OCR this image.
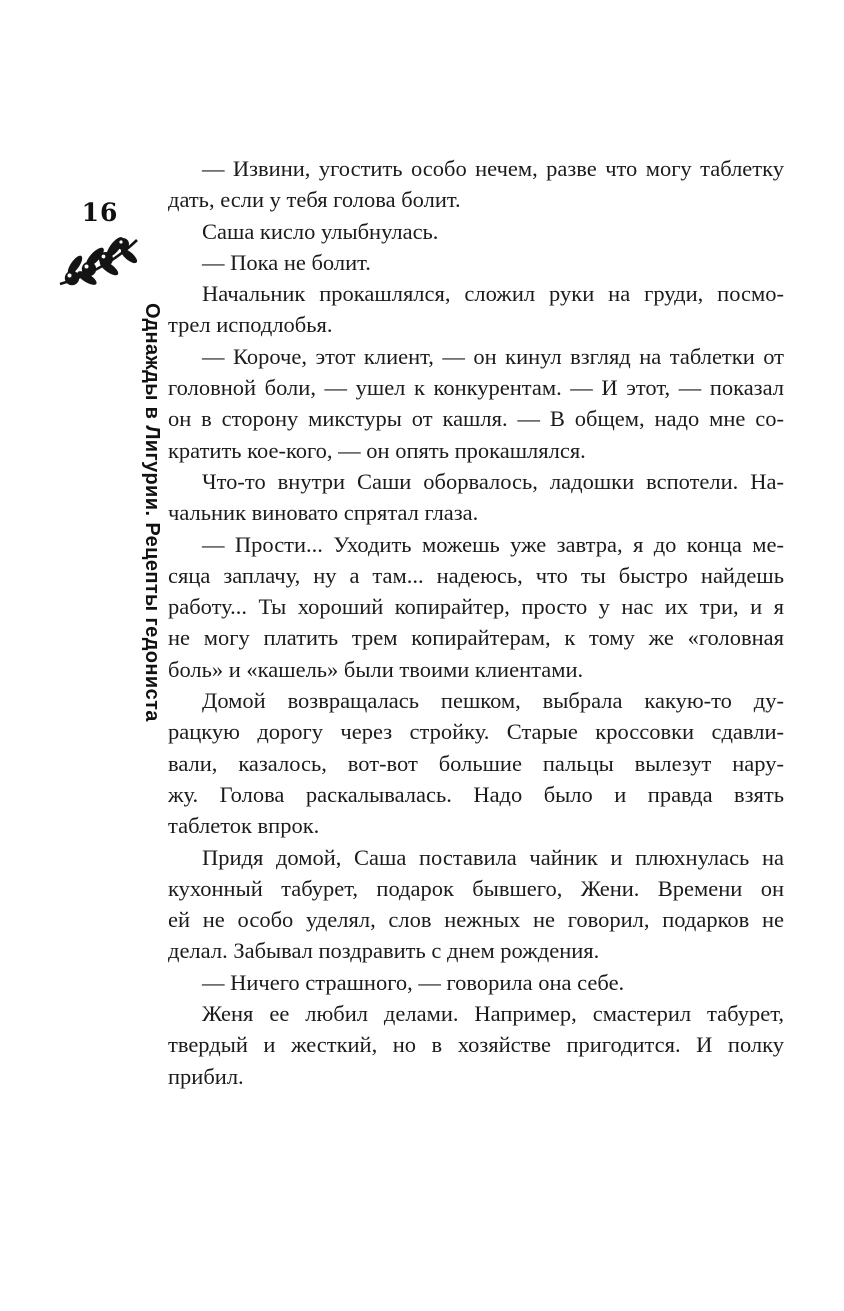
16
Однажды в Лигурии. Рецепты гедониста
— Извини, угостить особо нечем, разве что могу таблетку
дать, если у тебя голова болит.
Саша кисло улыбнулась.
— Пока не болит.
Начальник прокашлялся, сложил руки на груди, посмо-
трел исподлобья.
— Короче, этот клиент, — он кинул взгляд на таблетки от
головной боли, — ушел к конкурентам. — И этот, — показал
он в сторону микстуры от кашля. — В общем, надо мне со-
кратить кое-кого, — он опять прокашлялся.
Что-то внутри Саши оборвалось, ладошки вспотели. На-
чальник виновато спрятал глаза.
— Прости... Уходить можешь уже завтра, я до конца ме-
сяца заплачу, ну а там... надеюсь, что ты быстро найдешь
работу... Ты хороший копирайтер, просто у нас их три, и я
не могу платить трем копирайтерам, к тому же «головная
боль» и «кашель» были твоими клиентами.
Домой возвращалась пешком, выбрала какую-то ду-
рацкую дорогу через стройку. Старые кроссовки сдавли-
вали, казалось, вот-вот большие пальцы вылезут нару-
жу. Голова раскалывалась. Надо было и правда взять
таблеток впрок.
Придя домой, Саша поставила чайник и плюхнулась на
кухонный табурет, подарок бывшего, Жени. Времени он
ей не особо уделял, слов нежных не говорил, подарков не
делал. Забывал поздравить с днем рождения.
— Ничего страшного, — говорила она себе.
Женя ее любил делами. Например, смастерил табурет,
твердый и жесткий, но в хозяйстве пригодится. И полку
прибил.
